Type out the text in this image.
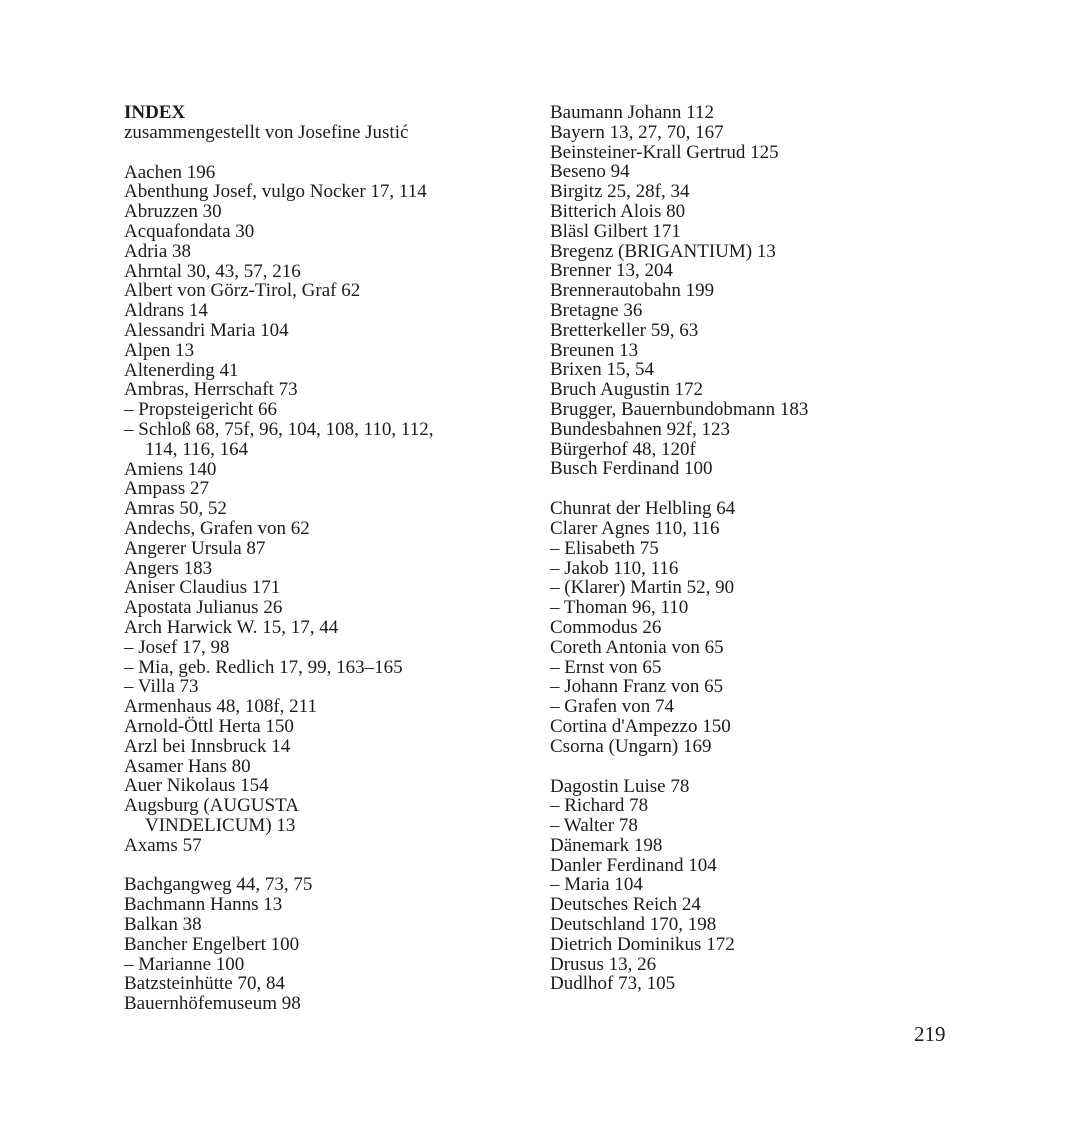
INDEX
zusammengestellt von Josefine Justić
Aachen 196
Abenthung Josef, vulgo Nocker 17, 114
Abruzzen 30
Acquafondata 30
Adria 38
Ahrntal 30, 43, 57, 216
Albert von Görz-Tirol, Graf 62
Aldrans 14
Alessandri Maria 104
Alpen 13
Altenerding 41
Ambras, Herrschaft 73
– Propsteigericht 66
– Schloß 68, 75f, 96, 104, 108, 110, 112,
114, 116, 164
Amiens 140
Ampass 27
Amras 50, 52
Andechs, Grafen von 62
Angerer Ursula 87
Angers 183
Aniser Claudius 171
Apostata Julianus 26
Arch Harwick W. 15, 17, 44
– Josef 17, 98
– Mia, geb. Redlich 17, 99, 163–165
– Villa 73
Armenhaus 48, 108f, 211
Arnold-Öttl Herta 150
Arzl bei Innsbruck 14
Asamer Hans 80
Auer Nikolaus 154
Augsburg (AUGUSTA
VINDELICUM) 13
Axams 57
Bachgangweg 44, 73, 75
Bachmann Hanns 13
Balkan 38
Bancher Engelbert 100
– Marianne 100
Batzsteinhütte 70, 84
Bauernhöfemuseum 98
Baumann Johann 112
Bayern 13, 27, 70, 167
Beinsteiner-Krall Gertrud 125
Beseno 94
Birgitz 25, 28f, 34
Bitterich Alois 80
Bläsl Gilbert 171
Bregenz (BRIGANTIUM) 13
Brenner 13, 204
Brennerautobahn 199
Bretagne 36
Bretterkeller 59, 63
Breunen 13
Brixen 15, 54
Bruch Augustin 172
Brugger, Bauernbundobmann 183
Bundesbahnen 92f, 123
Bürgerhof 48, 120f
Busch Ferdinand 100
Chunrat der Helbling 64
Clarer Agnes 110, 116
– Elisabeth 75
– Jakob 110, 116
– (Klarer) Martin 52, 90
– Thoman 96, 110
Commodus 26
Coreth Antonia von 65
– Ernst von 65
– Johann Franz von 65
– Grafen von 74
Cortina d'Ampezzo 150
Csorna (Ungarn) 169
Dagostin Luise 78
– Richard 78
– Walter 78
Dänemark 198
Danler Ferdinand 104
– Maria 104
Deutsches Reich 24
Deutschland 170, 198
Dietrich Dominikus 172
Drusus 13, 26
Dudlhof 73, 105
219
